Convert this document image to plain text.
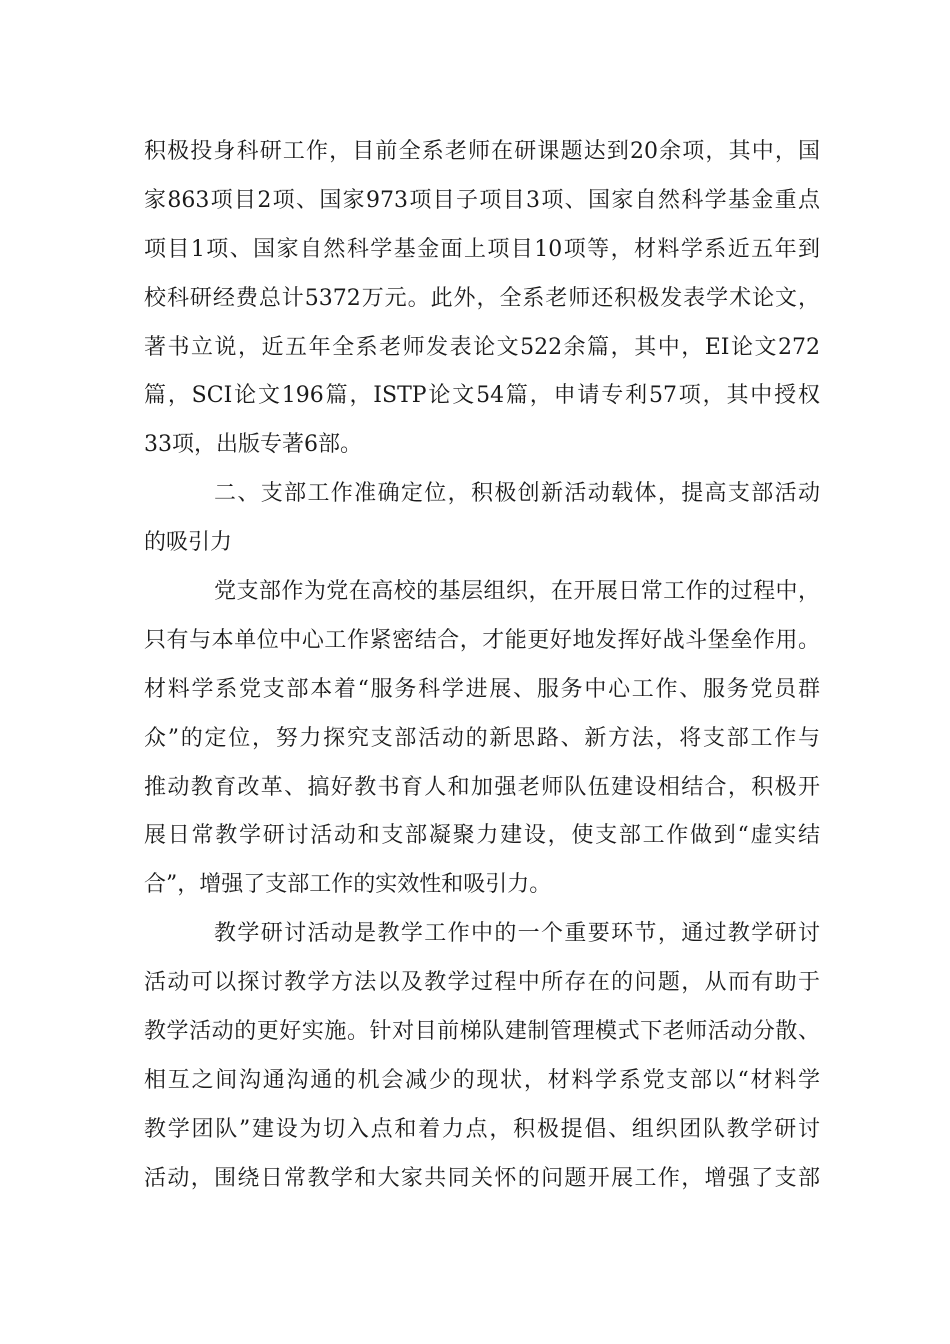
积极投身科研工作，目前全系老师在研课题达到20余项，其中，国
家863项目2项、国家973项目子项目3项、国家自然科学基金重点
项目1项、国家自然科学基金面上项目10项等，材料学系近五年到
校科研经费总计5372万元。此外，全系老师还积极发表学术论文，
著书立说，近五年全系老师发表论文522余篇，其中，EI论文272
篇，SCI论文196篇，ISTP论文54篇，申请专利57项，其中授权
33项，出版专著6部。
二、支部工作准确定位，积极创新活动载体，提高支部活动
的吸引力
党支部作为党在高校的基层组织，在开展日常工作的过程中，
只有与本单位中心工作紧密结合，才能更好地发挥好战斗堡垒作用。
材料学系党支部本着“服务科学进展、服务中心工作、服务党员群
众”的定位，努力探究支部活动的新思路、新方法，将支部工作与
推动教育改革、搞好教书育人和加强老师队伍建设相结合，积极开
展日常教学研讨活动和支部凝聚力建设，使支部工作做到“虚实结
合”，增强了支部工作的实效性和吸引力。
教学研讨活动是教学工作中的一个重要环节，通过教学研讨
活动可以探讨教学方法以及教学过程中所存在的问题，从而有助于
教学活动的更好实施。针对目前梯队建制管理模式下老师活动分散、
相互之间沟通沟通的机会减少的现状，材料学系党支部以“材料学
教学团队”建设为切入点和着力点，积极提倡、组织团队教学研讨
活动，围绕日常教学和大家共同关怀的问题开展工作，增强了支部
